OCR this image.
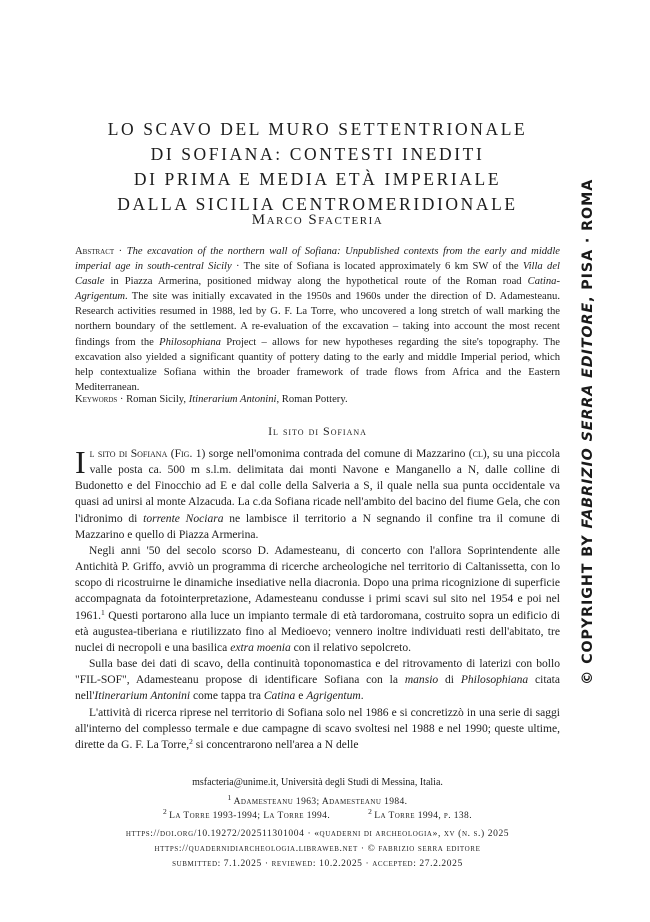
LO SCAVO DEL MURO SETTENTRIONALE
DI SOFIANA: CONTESTI INEDITI
DI PRIMA E MEDIA ETÀ IMPERIALE
DALLA SICILIA CENTROMERIDIONALE
Marco Sfacteria
Abstract · The excavation of the northern wall of Sofiana: Unpublished contexts from the early and middle imperial age in south-central Sicily · The site of Sofiana is located approximately 6 km SW of the Villa del Casale in Piazza Armerina, positioned midway along the hypothetical route of the Roman road Catina-Agrigentum. The site was initially excavated in the 1950s and 1960s under the direction of D. Adamesteanu. Research activities resumed in 1988, led by G. F. La Torre, who uncovered a long stretch of wall marking the northern boundary of the settlement. A re-evaluation of the excavation – taking into account the most recent findings from the Philosophiana Project – allows for new hypotheses regarding the site's topography. The excavation also yielded a significant quantity of pottery dating to the early and middle Imperial period, which help contextualize Sofiana within the broader framework of trade flows from Africa and the Eastern Mediterranean.
Keywords · Roman Sicily, Itinerarium Antonini, Roman Pottery.
Il sito di Sofiana

Il sito di Sofiana (Fig. 1) sorge nell'omonima contrada del comune di Mazzarino (cl), su una piccola valle posta ca. 500 m s.l.m. delimitata dai monti Navone e Manganello a N, dalle colline di Budonetto e del Finocchio ad E e dal colle della Salveria a S, il quale nella sua punta occidentale va quasi ad unirsi al monte Alzacuda. La c.da Sofiana ricade nell'ambito del bacino del fiume Gela, che con l'idronimo di torrente Nociara ne lambisce il territorio a N segnando il confine tra il comune di Mazzarino e quello di Piazza Armerina.

Negli anni '50 del secolo scorso D. Adamesteanu, di concerto con l'allora Soprintendente alle Antichità P. Griffo, avviò un programma di ricerche archeologiche nel territorio di Caltanissetta, con lo scopo di ricostruirne le dinamiche insediative nella diacronia. Dopo una prima ricognizione di superficie accompagnata da fotointerpretazione, Adamesteanu condusse i primi scavi sul sito nel 1954 e poi nel 1961.$^1$ Questi portarono alla luce un impianto termale di età tardoromana, costruito sopra un edificio di età augustea-tiberiana e riutilizzato fino al Medioevo; vennero inoltre individuati resti dell'abitato, tre nuclei di necropoli e una basilica extra moenia con il relativo sepolcreto.

Sulla base dei dati di scavo, della continuità toponomastica e del ritrovamento di laterizi con bollo "FIL-SOF", Adamesteanu propose di identificare Sofiana con la mansio di Philosophiana citata nell'Itinerarium Antonini come tappa tra Catina e Agrigentum.

L'attività di ricerca riprese nel territorio di Sofiana solo nel 1986 e si concretizzò in una serie di saggi all'interno del complesso termale e due campagne di scavo svoltesi nel 1988 e nel 1990; queste ultime, dirette da G. F. La Torre,$^2$ si concentrarono nell'area a N delle

msfacteria@unime.it, Università degli Studi di Messina, Italia.
$^1$ Adamesteanu 1963; Adamesteanu 1984.
$^2$ La Torre 1993-1994; La Torre 1994.	$^2$ La Torre 1994, p. 138.
https://doi.org/10.19272/202511301004 · «quaderni di archeologia», xv (n. s.) 2025
https://quadernidiarcheologia.libraweb.net · © fabrizio serra editore
submitted: 7.1.2025 · reviewed: 10.2.2025 · accepted: 27.2.2025
© COPYRIGHT BY FABRIZIO SERRA EDITORE, PISA · ROMA
